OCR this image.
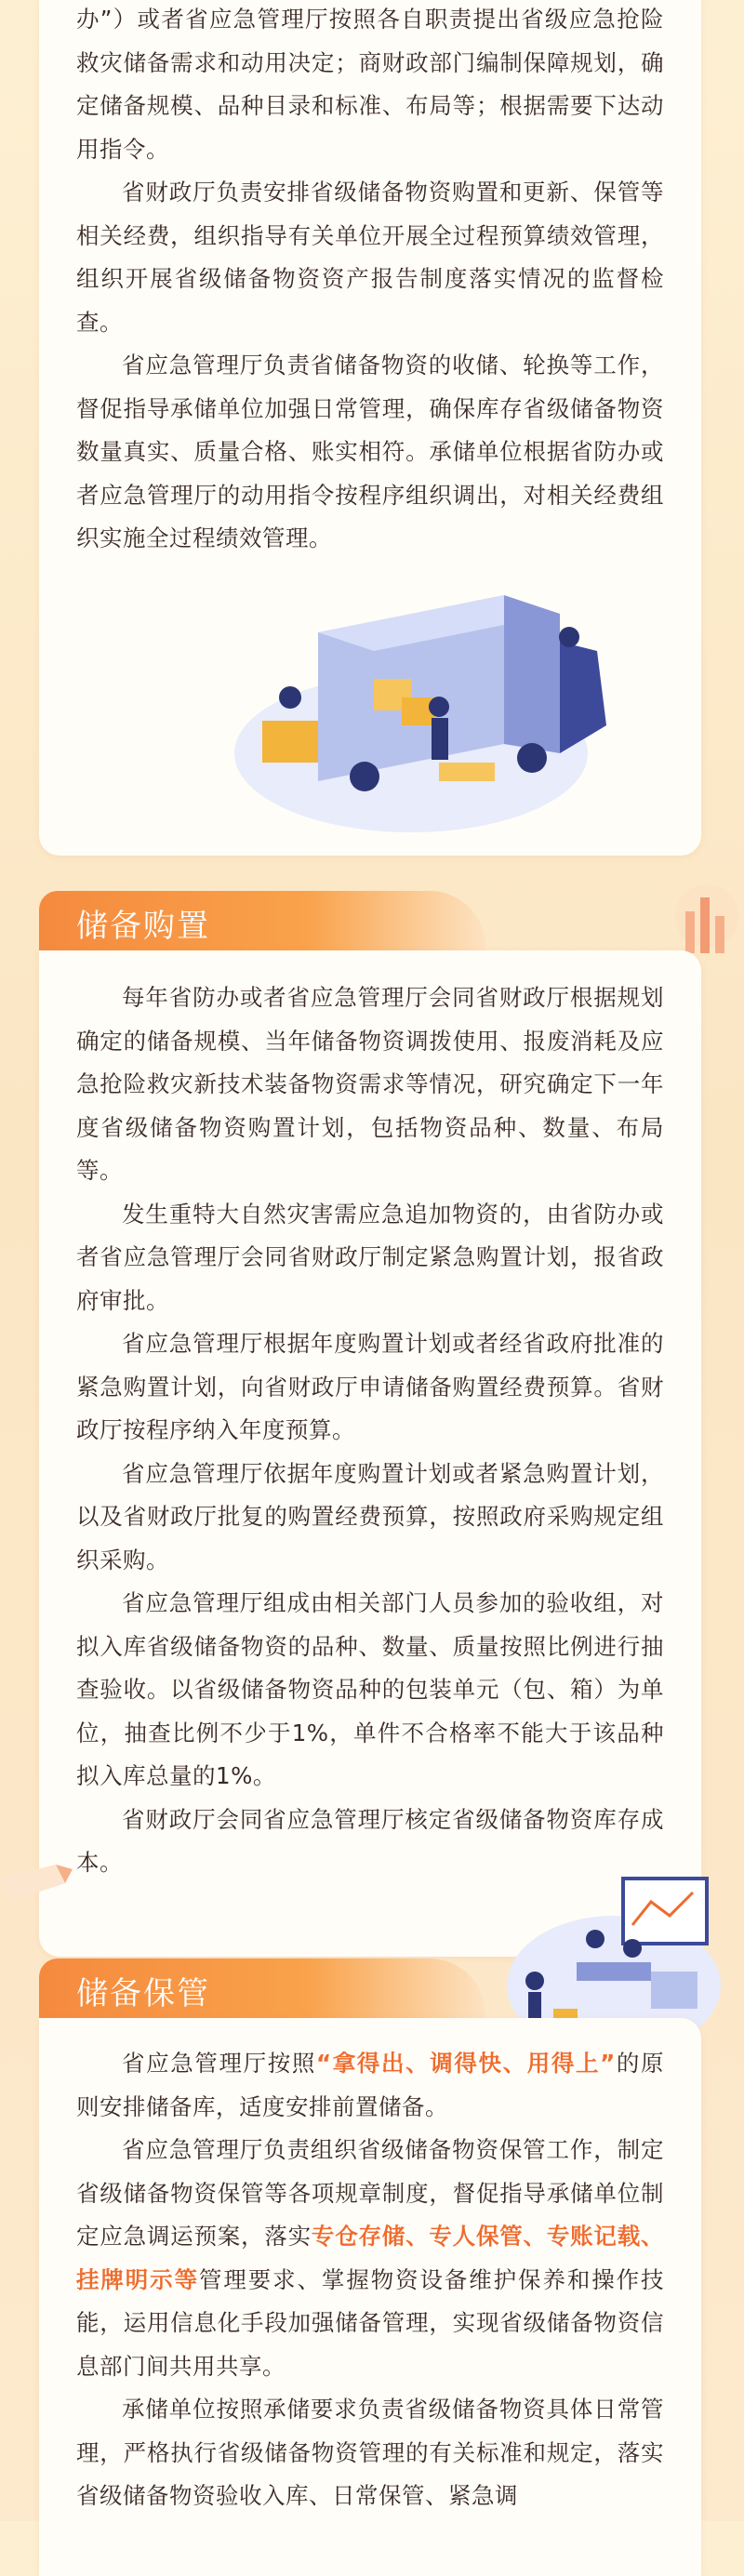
办”）或者省应急管理厅按照各自职责提出省级应急抢险救灾储备需求和动用决定；商财政部门编制保障规划，确定储备规模、品种目录和标准、布局等；根据需要下达动用指令。

省财政厅负责安排省级储备物资购置和更新、保管等相关经费，组织指导有关单位开展全过程预算绩效管理，组织开展省级储备物资资产报告制度落实情况的监督检查。

省应急管理厅负责省储备物资的收储、轮换等工作，督促指导承储单位加强日常管理，确保库存省级储备物资数量真实、质量合格、账实相符。承储单位根据省防办或者应急管理厅的动用指令按程序组织调出，对相关经费组织实施全过程绩效管理。

储备购置

每年省防办或者省应急管理厅会同省财政厅根据规划确定的储备规模、当年储备物资调拨使用、报废消耗及应急抢险救灾新技术装备物资需求等情况，研究确定下一年度省级储备物资购置计划，包括物资品种、数量、布局等。

发生重特大自然灾害需应急追加物资的，由省防办或者省应急管理厅会同省财政厅制定紧急购置计划，报省政府审批。

省应急管理厅根据年度购置计划或者经省政府批准的紧急购置计划，向省财政厅申请储备购置经费预算。省财政厅按程序纳入年度预算。

省应急管理厅依据年度购置计划或者紧急购置计划，以及省财政厅批复的购置经费预算，按照政府采购规定组织采购。

省应急管理厅组成由相关部门人员参加的验收组，对拟入库省级储备物资的品种、数量、质量按照比例进行抽查验收。以省级储备物资品种的包装单元（包、箱）为单位，抽查比例不少于1%，单件不合格率不能大于该品种拟入库总量的1%。

省财政厅会同省应急管理厅核定省级储备物资库存成本。

储备保管

省应急管理厅按照“拿得出、调得快、用得上”的原则安排储备库，适度安排前置储备。

省应急管理厅负责组织省级储备物资保管工作，制定省级储备物资保管等各项规章制度，督促指导承储单位制定应急调运预案，落实专仓存储、专人保管、专账记载、挂牌明示等管理要求、掌握物资设备维护保养和操作技能，运用信息化手段加强储备管理，实现省级储备物资信息部门间共用共享。

承储单位按照承储要求负责省级储备物资具体日常管理，严格执行省级储备物资管理的有关标准和规定，落实省级储备物资验收入库、日常保管、紧急调
